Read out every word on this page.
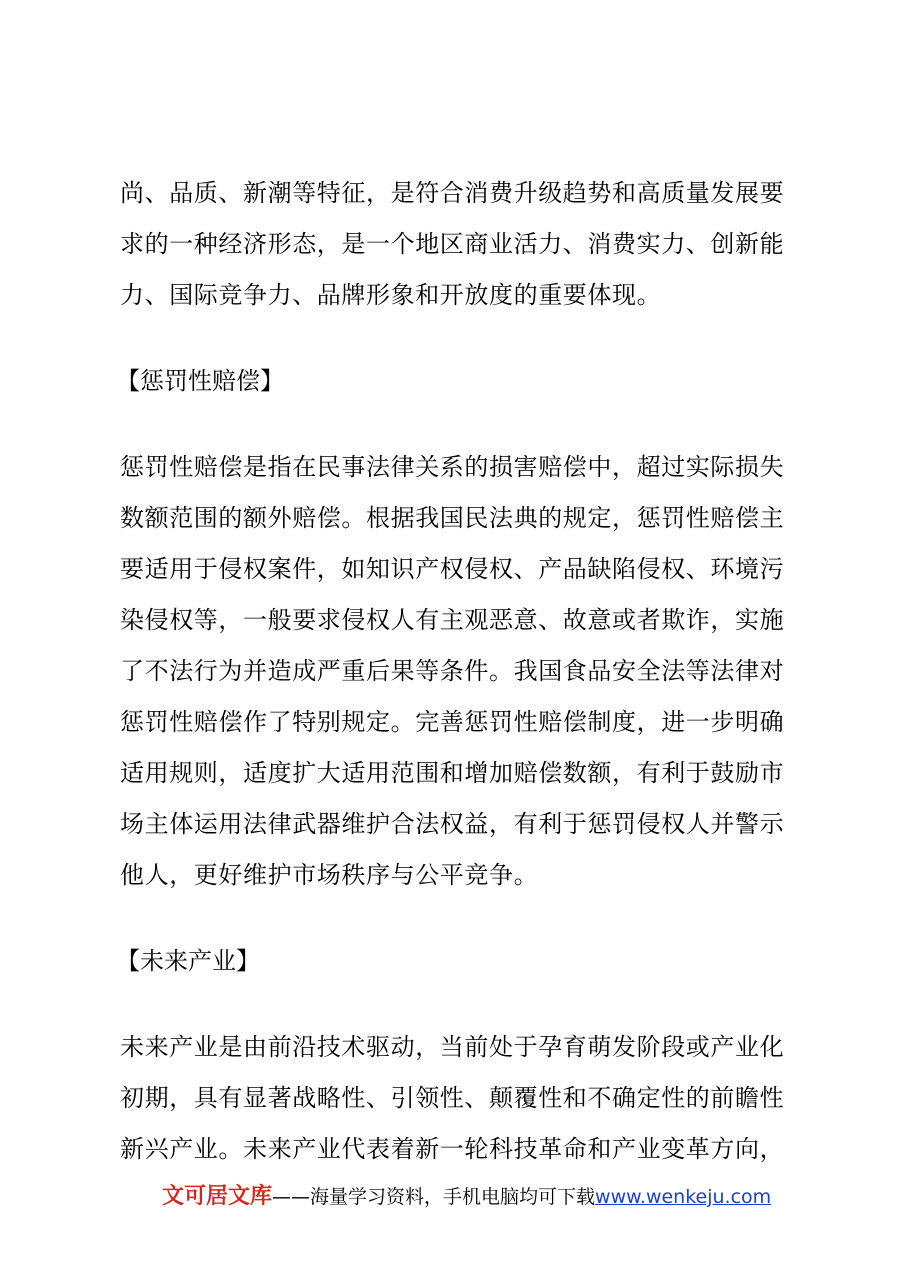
尚、品质、新潮等特征，是符合消费升级趋势和高质量发展要
求的一种经济形态，是一个地区商业活力、消费实力、创新能
力、国际竞争力、品牌形象和开放度的重要体现。

【惩罚性赔偿】

惩罚性赔偿是指在民事法律关系的损害赔偿中，超过实际损失
数额范围的额外赔偿。根据我国民法典的规定，惩罚性赔偿主
要适用于侵权案件，如知识产权侵权、产品缺陷侵权、环境污
染侵权等，一般要求侵权人有主观恶意、故意或者欺诈，实施
了不法行为并造成严重后果等条件。我国食品安全法等法律对
惩罚性赔偿作了特别规定。完善惩罚性赔偿制度，进一步明确
适用规则，适度扩大适用范围和增加赔偿数额，有利于鼓励市
场主体运用法律武器维护合法权益，有利于惩罚侵权人并警示
他人，更好维护市场秩序与公平竞争。

【未来产业】

未来产业是由前沿技术驱动，当前处于孕育萌发阶段或产业化
初期，具有显著战略性、引领性、颠覆性和不确定性的前瞻性
新兴产业。未来产业代表着新一轮科技革命和产业变革方向，

文可居文库——海量学习资料，手机电脑均可下载www.wenkeju.com
